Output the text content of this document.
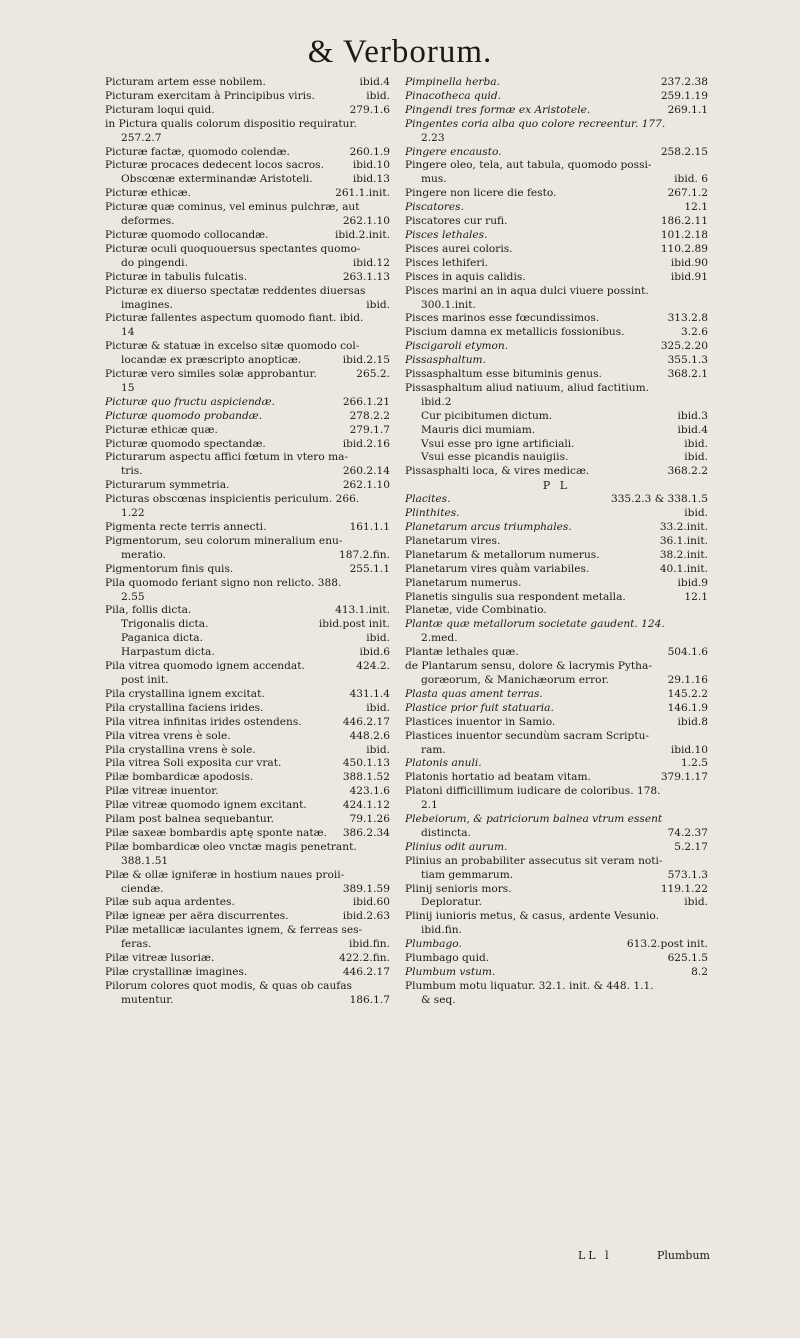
& Verborum.
ibid.4
Picturam artem esse nobilem.
ibid.
Picturam exercitam à Principibus viris.
279.1.6
Picturam loqui quid.
in Pictura qualis colorum dispositio requiratur.
257.2.7
260.1.9
Picturæ factæ, quomodo colendæ.
ibid.10
Picturæ procaces dedecent locos sacros.
ibid.13
Obscœnæ exterminandæ Aristoteli.
261.1.init.
Picturæ ethicæ.
Picturæ quæ cominus, vel eminus pulchræ, aut
262.1.10
deformes.
ibid.2.init.
Picturæ quomodo collocandæ.
Picturæ oculi quoquouersus spectantes quomo-
ibid.12
do pingendi.
263.1.13
Picturæ in tabulis fulcatis.
Picturæ ex diuerso spectatæ reddentes diuersas
ibid.
imagines.
Picturæ fallentes aspectum quomodo fiant. ibid.
14
Picturæ & statuæ in excelso sitæ quomodo col-
ibid.2.15
locandæ ex præscripto anopticæ.
265.2.
Picturæ vero similes solæ approbantur.
15
266.1.21
Picturæ quo fructu aspiciendæ.
278.2.2
Picturæ quomodo probandæ.
279.1.7
Picturæ ethicæ quæ.
ibid.2.16
Picturæ quomodo spectandæ.
Picturarum aspectu affici fœtum in vtero ma-
260.2.14
tris.
262.1.10
Picturarum symmetria.
Picturas obscœnas inspicientis periculum. 266.
1.22
161.1.1
Pigmenta recte terris annecti.
Pigmentorum, seu colorum mineralium enu-
187.2.fin.
meratio.
255.1.1
Pigmentorum finis quis.
Pila quomodo feriant signo non relicto. 388.
2.55
413.1.init.
Pila, follis dicta.
ibid.post init.
Trigonalis dicta.
ibid.
Paganica dicta.
ibid.6
Harpastum dicta.
424.2.
Pila vitrea quomodo ignem accendat.
post init.
431.1.4
Pila crystallina ignem excitat.
ibid.
Pila crystallina faciens irides.
446.2.17
Pila vitrea infinitas irides ostendens.
448.2.6
Pila vitrea vrens è sole.
ibid.
Pila crystallina vrens è sole.
450.1.13
Pila vitrea Soli exposita cur vrat.
388.1.52
Pilæ bombardicæ apodosis.
423.1.6
Pilæ vitreæ inuentor.
424.1.12
Pilæ vitreæ quomodo ignem excitant.
79.1.26
Pilam post balnea sequebantur.
386.2.34
Pilæ saxeæ bombardis aptę sponte natæ.
Pilæ bombardicæ oleo vnctæ magis penetrant.
388.1.51
Pilæ & ollæ igniferæ in hostium naues proii-
389.1.59
ciendæ.
ibid.60
Pilæ sub aqua ardentes.
ibid.2.63
Pilæ igneæ per aëra discurrentes.
Pilæ metallicæ iaculantes ignem, & ferreas ses-
ibid.fin.
feras.
422.2.fin.
Pilæ vitreæ lusoriæ.
446.2.17
Pilæ crystallinæ imagines.
Pilorum colores quot modis, & quas ob caufas
186.1.7
mutentur.
237.2.38
Pimpinella herba.
259.1.19
Pinacotheca quid.
269.1.1
Pingendi tres formæ ex Aristotele.
Pingentes coria alba quo colore recreentur. 177.
2.23
258.2.15
Pingere encausto.
Pingere oleo, tela, aut tabula, quomodo possi-
ibid. 6
mus.
267.1.2
Pingere non licere die festo.
12.1
Piscatores.
186.2.11
Piscatores cur rufi.
101.2.18
Pisces lethales.
110.2.89
Pisces aurei coloris.
ibid.90
Pisces lethiferi.
ibid.91
Pisces in aquis calidis.
Pisces marini an in aqua dulci viuere possint.
300.1.init.
313.2.8
Pisces marinos esse fœcundissimos.
3.2.6
Piscium damna ex metallicis fossionibus.
325.2.20
Piscigaroli etymon.
355.1.3
Pissasphaltum.
368.2.1
Pissasphaltum esse bituminis genus.
Pissasphaltum aliud natiuum, aliud factitium.
ibid.2
ibid.3
Cur picibitumen dictum.
ibid.4
Mauris dici mumiam.
ibid.
Vsui esse pro igne artificiali.
ibid.
Vsui esse picandis nauigiis.
368.2.2
Pissasphalti loca, & vires medicæ.
P L
335.2.3 & 338.1.5
Placites.
ibid.
Plinthites.
33.2.init.
Planetarum arcus triumphales.
36.1.init.
Planetarum vires.
38.2.init.
Planetarum & metallorum numerus.
40.1.init.
Planetarum vires quàm variabiles.
ibid.9
Planetarum numerus.
12.1
Planetis singulis sua respondent metalla.
Planetæ, vide Combinatio.
Plantæ quæ metallorum societate gaudent. 124.
2.med.
504.1.6
Plantæ lethales quæ.
de Plantarum sensu, dolore & lacrymis Pytha-
29.1.16
goræorum, & Manichæorum error.
145.2.2
Plasta quas ament terras.
146.1.9
Plastice prior fuit statuaria.
ibid.8
Plastices inuentor in Samio.
Plastices inuentor secundùm sacram Scriptu-
ibid.10
ram.
1.2.5
Platonis anuli.
379.1.17
Platonis hortatio ad beatam vitam.
Platoni difficillimum iudicare de coloribus. 178.
2.1
Plebeiorum, & patriciorum balnea vtrum essent
74.2.37
distincta.
5.2.17
Plinius odit aurum.
Plinius an probabiliter assecutus sit veram noti-
573.1.3
tiam gemmarum.
119.1.22
Plinij senioris mors.
ibid.
Deploratur.
Plinij iunioris metus, & casus, ardente Vesunio.
ibid.fin.
613.2.post init.
Plumbago.
625.1.5
Plumbago quid.
8.2
Plumbum vstum.
Plumbum motu liquatur. 32.1. init. & 448. 1.1.
& seq.
LL l	Plumbum
